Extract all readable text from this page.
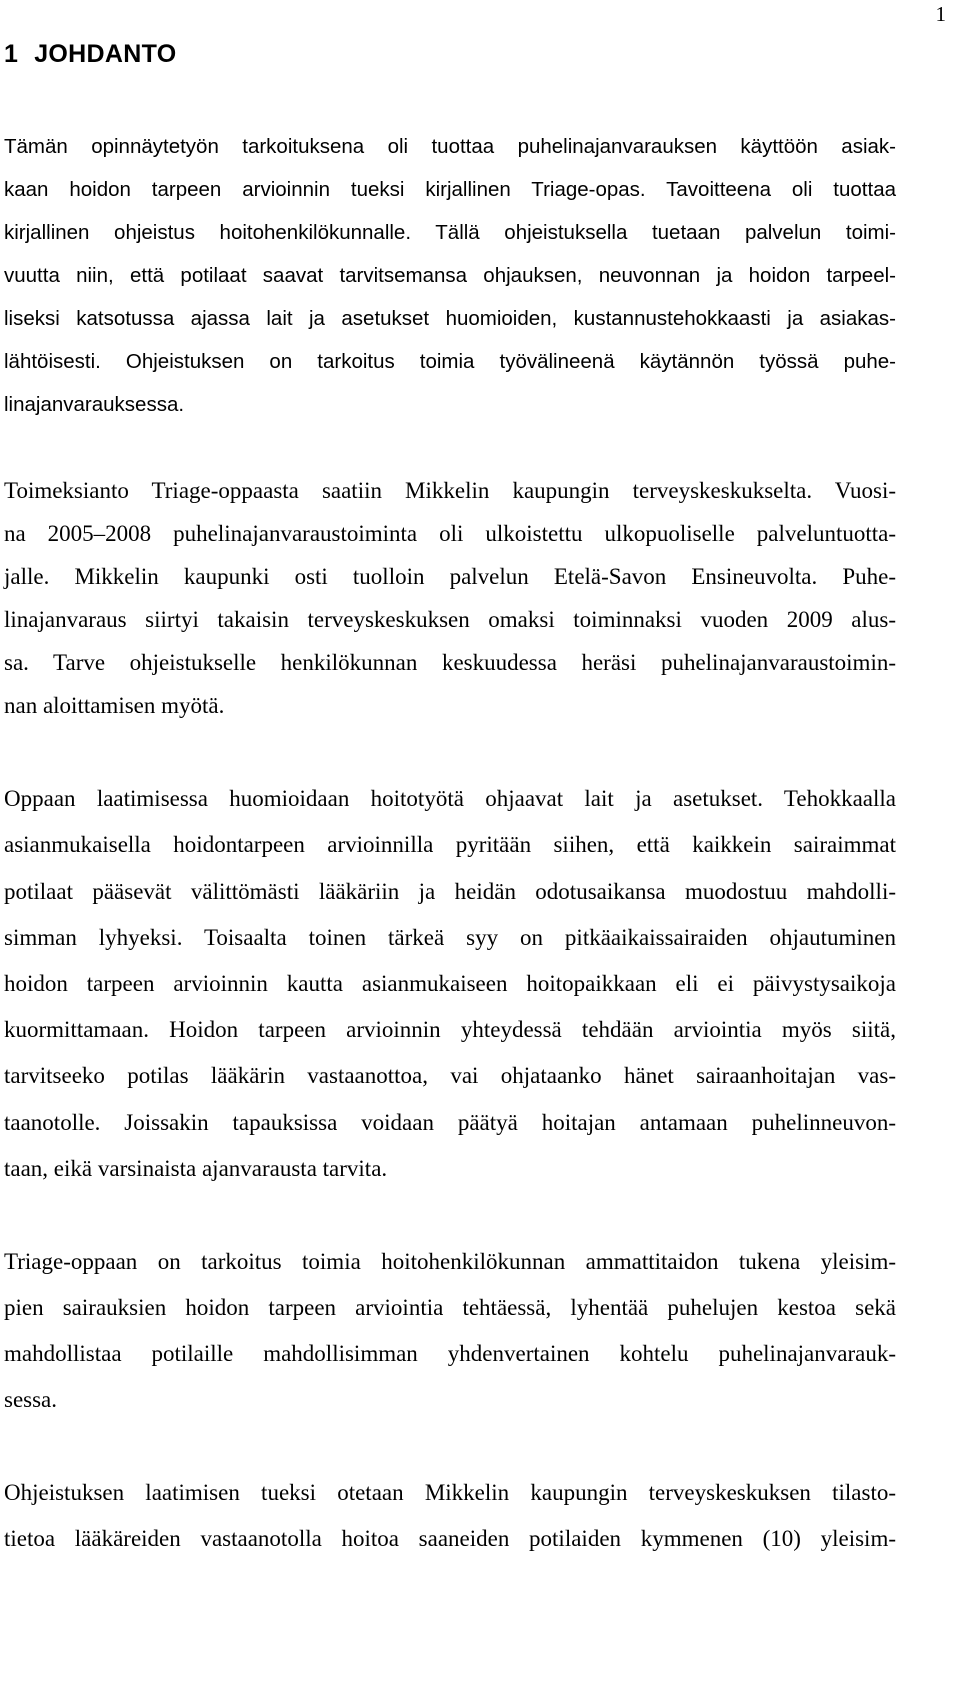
1
1 JOHDANTO
Tämän opinnäytetyön tarkoituksena oli tuottaa puhelinajanvarauksen käyttöön asiak-
kaan hoidon tarpeen arvioinnin tueksi kirjallinen Triage-opas. Tavoitteena oli tuottaa
kirjallinen ohjeistus hoitohenkilökunnalle. Tällä ohjeistuksella tuetaan palvelun toimi-
vuutta niin, että potilaat saavat tarvitsemansa ohjauksen, neuvonnan ja hoidon tarpeel-
liseksi katsotussa ajassa lait ja asetukset huomioiden, kustannustehokkaasti ja asiakas-
lähtöisesti. Ohjeistuksen on tarkoitus toimia työvälineenä käytännön työssä puhe-
linajanvarauksessa.
Toimeksianto Triage-oppaasta saatiin Mikkelin kaupungin terveyskeskukselta. Vuosi-
na 2005–2008 puhelinajanvaraustoiminta oli ulkoistettu ulkopuoliselle palveluntuotta-
jalle. Mikkelin kaupunki osti tuolloin palvelun Etelä-Savon Ensineuvolta. Puhe-
linajanvaraus siirtyi takaisin terveyskeskuksen omaksi toiminnaksi vuoden 2009 alus-
sa. Tarve ohjeistukselle henkilökunnan keskuudessa heräsi puhelinajanvaraustoimin-
nan aloittamisen myötä.
Oppaan laatimisessa huomioidaan hoitotyötä ohjaavat lait ja asetukset. Tehokkaalla
asianmukaisella hoidontarpeen arvioinnilla pyritään siihen, että kaikkein sairaimmat
potilaat pääsevät välittömästi lääkäriin ja heidän odotusaikansa muodostuu mahdolli-
simman lyhyeksi. Toisaalta toinen tärkeä syy on pitkäaikaissairaiden ohjautuminen
hoidon tarpeen arvioinnin kautta asianmukaiseen hoitopaikkaan eli ei päivystysaikoja
kuormittamaan. Hoidon tarpeen arvioinnin yhteydessä tehdään arviointia myös siitä,
tarvitseeko potilas lääkärin vastaanottoa, vai ohjataanko hänet sairaanhoitajan vas-
taanotolle. Joissakin tapauksissa voidaan päätyä hoitajan antamaan puhelinneuvon-
taan, eikä varsinaista ajanvarausta tarvita.
Triage-oppaan on tarkoitus toimia hoitohenkilökunnan ammattitaidon tukena yleisim-
pien sairauksien hoidon tarpeen arviointia tehtäessä, lyhentää puhelujen kestoa sekä
mahdollistaa potilaille mahdollisimman yhdenvertainen kohtelu puhelinajanvarauk-
sessa.
Ohjeistuksen laatimisen tueksi otetaan Mikkelin kaupungin terveyskeskuksen tilasto-
tietoa lääkäreiden vastaanotolla hoitoa saaneiden potilaiden kymmenen (10) yleisim-
